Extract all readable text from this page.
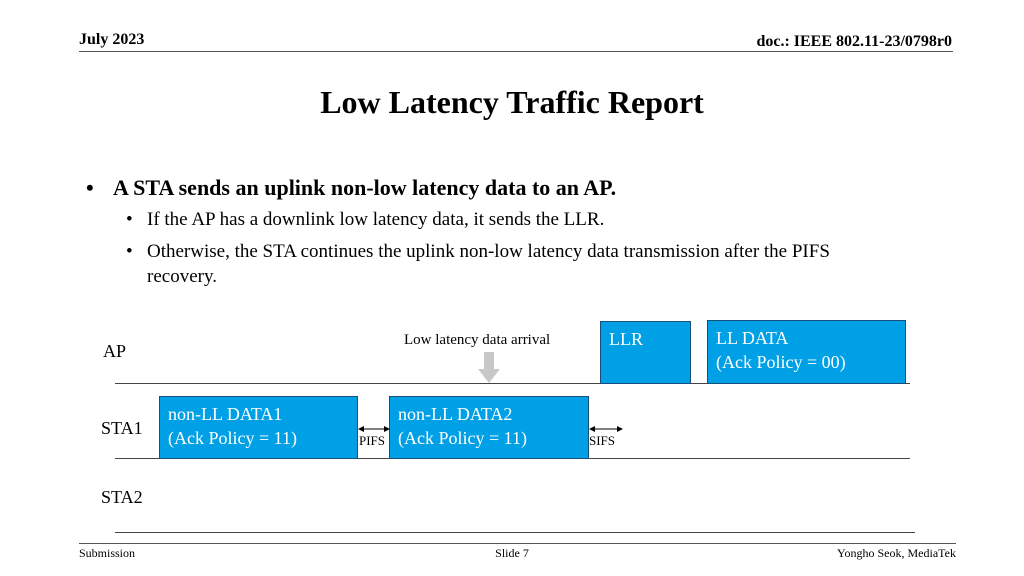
July 2023	doc.: IEEE 802.11-23/0798r0
Low Latency Traffic Report
• A STA sends an uplink non-low latency data to an AP.
• If the AP has a downlink low latency data, it sends the LLR.
• Otherwise, the STA continues the uplink non-low latency data transmission after the PIFS
recovery.
AP
STA1
STA2
Low latency data arrival	LLR	LL DATA
(Ack Policy = 00)
non-LL DATA1
(Ack Policy = 11)
non-LL DATA2
(Ack Policy = 11)
PIFS	SIFS
Submission	Slide 7	Yongho Seok, MediaTek
